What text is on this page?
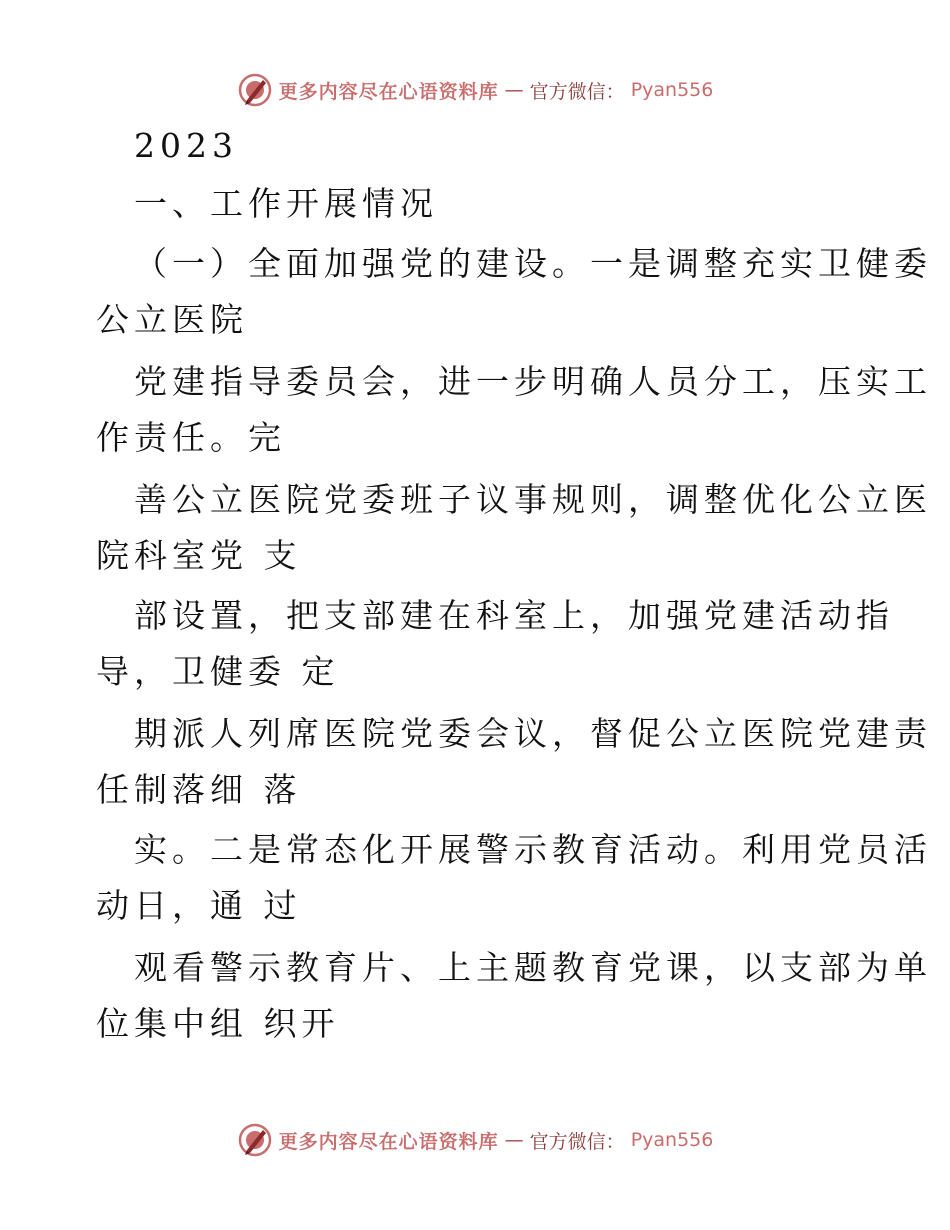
更多内容尽在心语资料库 — 官方微信： Pyan556
2023
一、工作开展情况
（一）全面加强党的建设。一是调整充实卫健委
公立医院
党建指导委员会，进一步明确人员分工，压实工
作责任。完
善公立医院党委班子议事规则，调整优化公立医
院科室党 支
部设置，把支部建在科室上，加强党建活动指
导，卫健委 定
期派人列席医院党委会议，督促公立医院党建责
任制落细 落
实。二是常态化开展警示教育活动。利用党员活
动日，通 过
观看警示教育片、上主题教育党课，以支部为单
位集中组 织开
更多内容尽在心语资料库 — 官方微信： Pyan556
